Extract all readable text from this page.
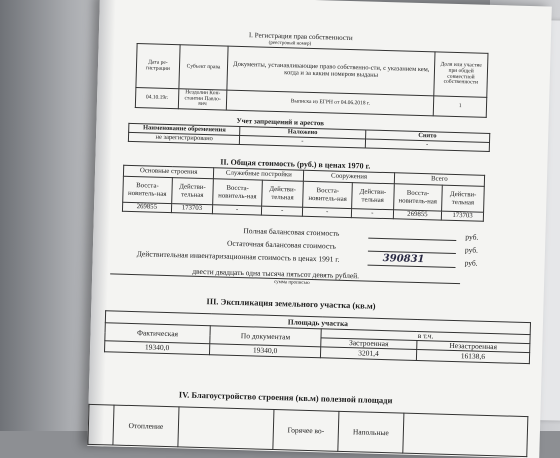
I. Регистрация прав собственности
(реестровый номер)
Дата ре-гистрации	Субъект права	Документы, устанавливающие право собственно-сти, с указанием кем, когда и за каким номером выданы	Доля или участие при общей совместной собственности
04.10.19г.	Нездолин Кон-стантин Павло-вич	Выписка из ЕГРН от 04.06.2018 г.	1
Учет запрещений и арестов
Наименование обременения	Наложено	Снято
не зарегистрировано	-	-
II. Общая стоимость (руб.) в ценах 1970 г.
Основные строения		Служебные постройки		Сооружения		Всего	
Восста-новитель-ная	Действи-тельная	Восста-новитель-ная	Действи-тельная	Восста-новитель-ная	Действи-тельная	Восста-новитель-ная	Действи-тельная
269855	173703	-	-	-	-	269855	173703
Полная балансовая стоимость	руб.
Остаточная балансовая стоимость	руб.
Действительная инвентаризационная стоимость в ценах 1991 г.	390831	руб.
двести двадцать одна тысяча пятьсот девять рублей.
сумма прописью
III. Экспликация земельного участка (кв.м)
Площадь участка			
Фактическая	По документам	в т.ч.	
		Застроенная	Незастроенная
19340,0	19340,0	3201,4	16138,6
IV. Благоустройство строения (кв.м) полезной площади
	Отопление		Горячее во-	Напольные	
